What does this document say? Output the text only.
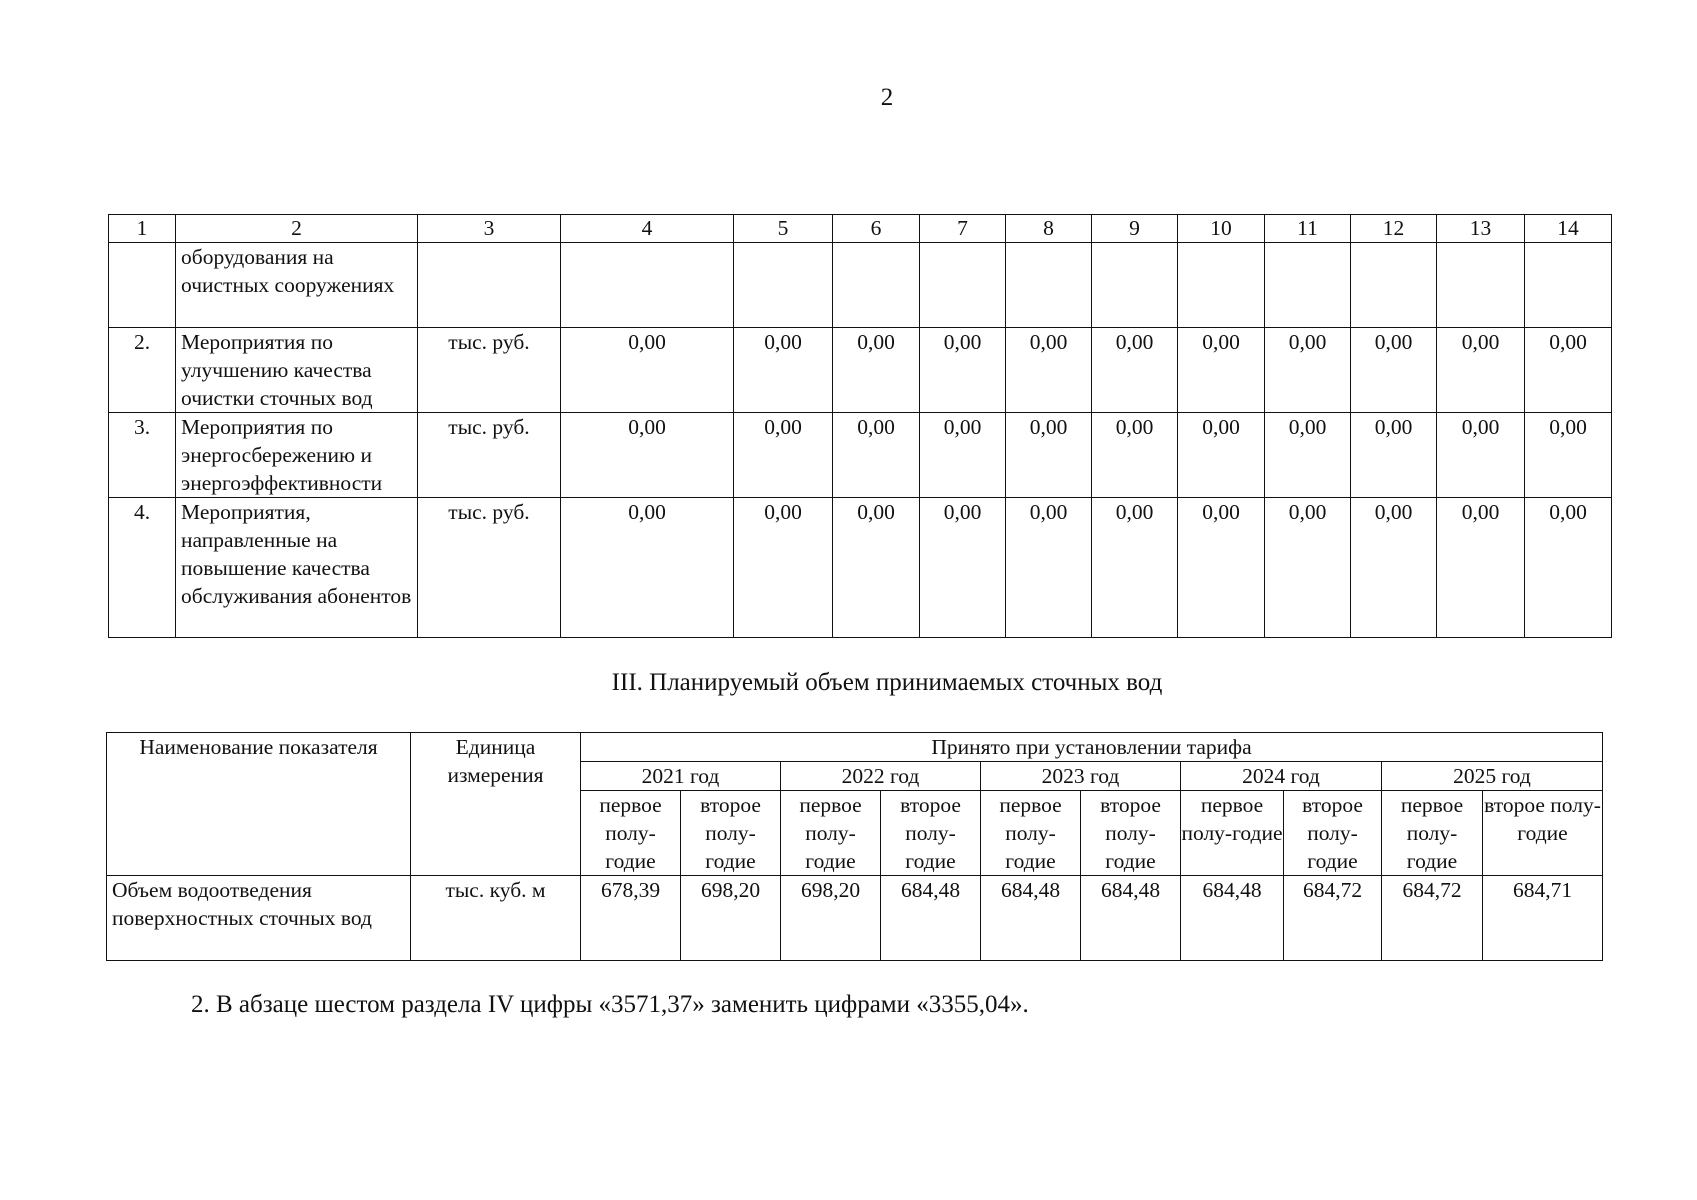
2
1	2	3	4	5	6	7	8	9	10	11	12	13	14
	оборудования на очистных сооружениях												
2.	Мероприятия по улучшению качества очистки сточных вод	тыс. руб.	0,00	0,00	0,00	0,00	0,00	0,00	0,00	0,00	0,00	0,00	0,00
3.	Мероприятия по энергосбережению и энергоэффективности	тыс. руб.	0,00	0,00	0,00	0,00	0,00	0,00	0,00	0,00	0,00	0,00	0,00
4.	Мероприятия, направленные на повышение качества обслуживания абонентов	тыс. руб.	0,00	0,00	0,00	0,00	0,00	0,00	0,00	0,00	0,00	0,00	0,00
III. Планируемый объем принимаемых сточных вод
Наименование показателя	Единица измерения	Принято при установлении тарифа									
		2021 год		2022 год		2023 год		2024 год		2025 год	
		первое полу-годие	второе полу-годие	первое полу-годие	второе полу-годие	первое полу-годие	второе полу-годие	первое полу-годие	второе полу-годие	первое полу-годие	второе полу-годие
Объем водоотведения поверхностных сточных вод	тыс. куб. м	678,39	698,20	698,20	684,48	684,48	684,48	684,48	684,72	684,72	684,71
2. В абзаце шестом раздела IV цифры «3571,37» заменить цифрами «3355,04».
